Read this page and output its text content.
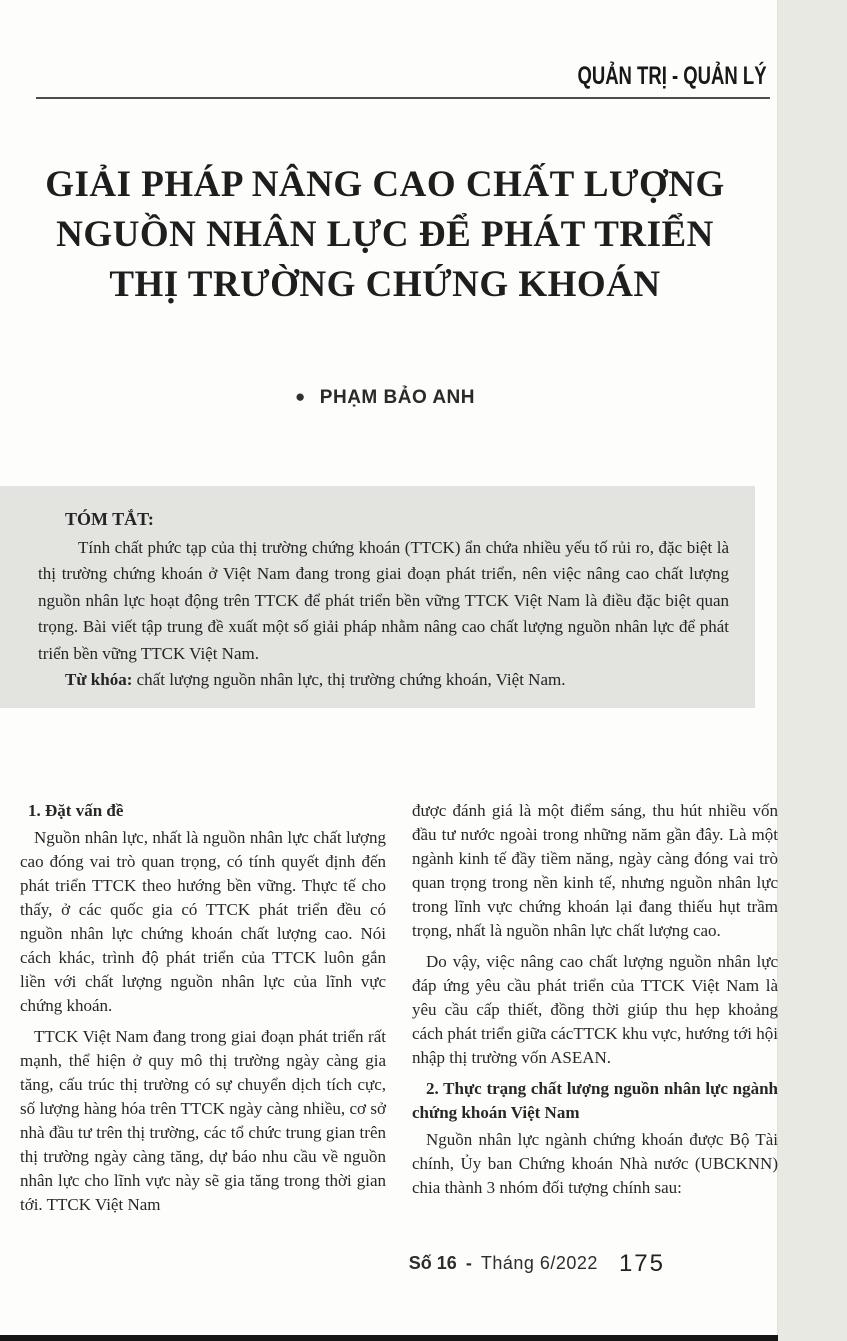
QUẢN TRỊ - QUẢN LÝ
GIẢI PHÁP NÂNG CAO CHẤT LƯỢNG
NGUỒN NHÂN LỰC ĐỂ PHÁT TRIỂN
THỊ TRƯỜNG CHỨNG KHOÁN
● PHẠM BẢO ANH

TÓM TẮT:

Tính chất phức tạp của thị trường chứng khoán (TTCK) ẩn chứa nhiều yếu tố rủi ro, đặc biệt là thị trường chứng khoán ở Việt Nam đang trong giai đoạn phát triển, nên việc nâng cao chất lượng nguồn nhân lực hoạt động trên TTCK để phát triển bền vững TTCK Việt Nam là điều đặc biệt quan trọng. Bài viết tập trung đề xuất một số giải pháp nhằm nâng cao chất lượng nguồn nhân lực để phát triển bền vững TTCK Việt Nam.

Từ khóa: chất lượng nguồn nhân lực, thị trường chứng khoán, Việt Nam.

1. Đặt vấn đề

Nguồn nhân lực, nhất là nguồn nhân lực chất lượng cao đóng vai trò quan trọng, có tính quyết định đến phát triển TTCK theo hướng bền vững. Thực tế cho thấy, ở các quốc gia có TTCK phát triển đều có nguồn nhân lực chứng khoán chất lượng cao. Nói cách khác, trình độ phát triển của TTCK luôn gắn liền với chất lượng nguồn nhân lực của lĩnh vực chứng khoán.

TTCK Việt Nam đang trong giai đoạn phát triển rất mạnh, thể hiện ở quy mô thị trường ngày càng gia tăng, cấu trúc thị trường có sự chuyển dịch tích cực, số lượng hàng hóa trên TTCK ngày càng nhiều, cơ sở nhà đầu tư trên thị trường, các tổ chức trung gian trên thị trường ngày càng tăng, dự báo nhu cầu về nguồn nhân lực cho lĩnh vực này sẽ gia tăng trong thời gian tới. TTCK Việt Nam

được đánh giá là một điểm sáng, thu hút nhiều vốn đầu tư nước ngoài trong những năm gần đây. Là một ngành kinh tế đầy tiềm năng, ngày càng đóng vai trò quan trọng trong nền kinh tế, nhưng nguồn nhân lực trong lĩnh vực chứng khoán lại đang thiếu hụt trầm trọng, nhất là nguồn nhân lực chất lượng cao.

Do vậy, việc nâng cao chất lượng nguồn nhân lực đáp ứng yêu cầu phát triển của TTCK Việt Nam là yêu cầu cấp thiết, đồng thời giúp thu hẹp khoảng cách phát triển giữa cácTTCK khu vực, hướng tới hội nhập thị trường vốn ASEAN.

2. Thực trạng chất lượng nguồn nhân lực ngành chứng khoán Việt Nam

Nguồn nhân lực ngành chứng khoán được Bộ Tài chính, Ủy ban Chứng khoán Nhà nước (UBCKNN) chia thành 3 nhóm đối tượng chính sau:

Số 16 - Tháng 6/2022 175
